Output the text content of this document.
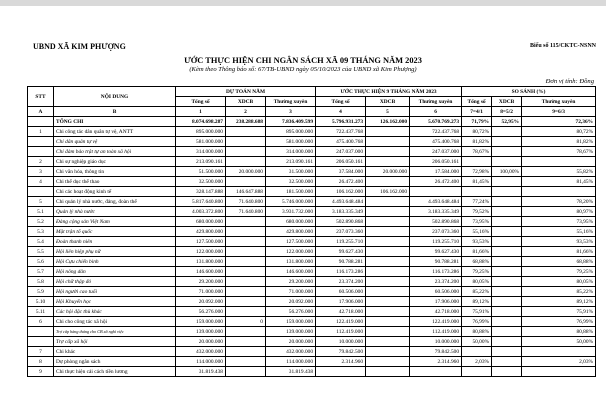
UBND XÃ KIM PHƯỢNG	Biểu số 115/CKTC-NSNN
ƯỚC THỰC HIỆN CHI NGÂN SÁCH XÃ 09 THÁNG NĂM 2023
(Kèm theo Thông báo số: 67/TB-UBND ngày 05/10/2023 của UBND xã Kim Phượng)
Đơn vị tính: Đồng
STT	NỘI DUNG	DỰ TOÁN NĂM			ƯỚC THỰC HIỆN 9 THÁNG NĂM 2023			SO SÁNH (%)		
		Tổng số	XDCB	Thường xuyên	Tổng số	XDCB	Thường xuyên	Tổng số	XDCB	Thường xuyên
A	B	1	2	3	4	5	6	7=4/1	8=5/2	9=6/3
	TỔNG CHI	8.074.698.287	238.288.688	7.836.409.599	5.796.931.273	126.162.000	5.670.769.273	71,79%	52,95%	72,36%
1	Chi công tác dân quân tự vệ, ANTT	895.000.000		895.000.000	722.437.768		722.437.768	80,72%		80,72%
	Chi dân quân tự vệ	581.000.000		581.000.000	475.400.768		475.400.768	81,82%		81,82%
	Chi đảm bảo trật tự an toàn xã hội	314.000.000		314.000.000	247.037.000		247.037.000	78,67%		78,67%
2	Chi sự nghiệp giáo dục	213.090.161		213.090.161	206.050.161		206.050.161			
3	Chi văn hóa, thông tin	51.500.000	20.000.000	31.500.000	37.584.000	20.000.000	17.584.000	72,98%	100,00%	55,82%
4	Chi thể dục thể thao	32.500.000		32.500.000	26.472.400		26.472.400	81,45%		81,45%
	Chi các hoạt động kinh tế	328.147.888	146.647.888	181.500.000	106.162.000	106.162.000				
5	Chi quản lý nhà nước, đảng, đoàn thể	5.817.640.800	71.640.800	5.746.000.000	4.493.648.484		4.493.648.484	77,24%		78,20%
5.1	Quản lý nhà nước	4.003.372.800	71.640.800	3.931.732.000	3.183.335.349		3.183.335.349	79,52%		80,97%
5.2	Đảng cộng sản Việt Nam	680.000.000		680.000.000	502.890.868		502.890.868	73,95%		73,95%
5.3	Mặt trận tổ quốc	429.800.000		429.800.000	237.073.360		237.073.360	55,16%		55,16%
5.4	Đoàn thanh niên	127.500.000		127.500.000	119.255.710		119.255.710	93,53%		93,53%
5.5	Hội liên hiệp phụ nữ	122.000.000		122.000.000	99.627.430		99.627.430	81,66%		81,66%
5.6	Hội Cựu chiến binh	131.800.000		131.800.000	90.788.281		90.788.281	68,88%		68,88%
5.7	Hội nông dân	146.600.000		146.600.000	116.173.286		116.173.286	79,25%		79,25%
5.8	Hội chữ thập đỏ	29.200.000		29.200.000	23.374.200		23.374.200	80,05%		80,05%
5.9	Hội người cao tuổi	71.000.000		71.000.000	60.506.000		60.506.000	85,22%		85,22%
5.10	Hội Khuyến học	20.092.000		20.092.000	17.906.000		17.906.000	89,12%		89,12%
5.11	Các hội đặc thù khác	56.276.000		56.276.000	42.718.000		42.718.000	75,91%		75,91%
6	Chi cho công tác xã hội	159.000.000	0	159.000.000	122.419.000		122.419.000	76,99%		76,99%
	Trợ cấp hàng tháng cho CB xã nghỉ việc	139.000.000		139.000.000	112.419.000		112.419.000	80,88%		80,88%
	Trợ cấp xã hội	20.000.000		20.000.000	10.000.000		10.000.000	50,00%		50,00%
7	Chi khác	432.000.000		432.000.000	79.842.500		79.842.500			
8	Dự phòng ngân sách	114.000.000		114.000.000	2.314.960		2.314.960	2,03%		2,03%
9	Chi thực hiện cải cách tiền lương	31.819.438		31.819.438						
